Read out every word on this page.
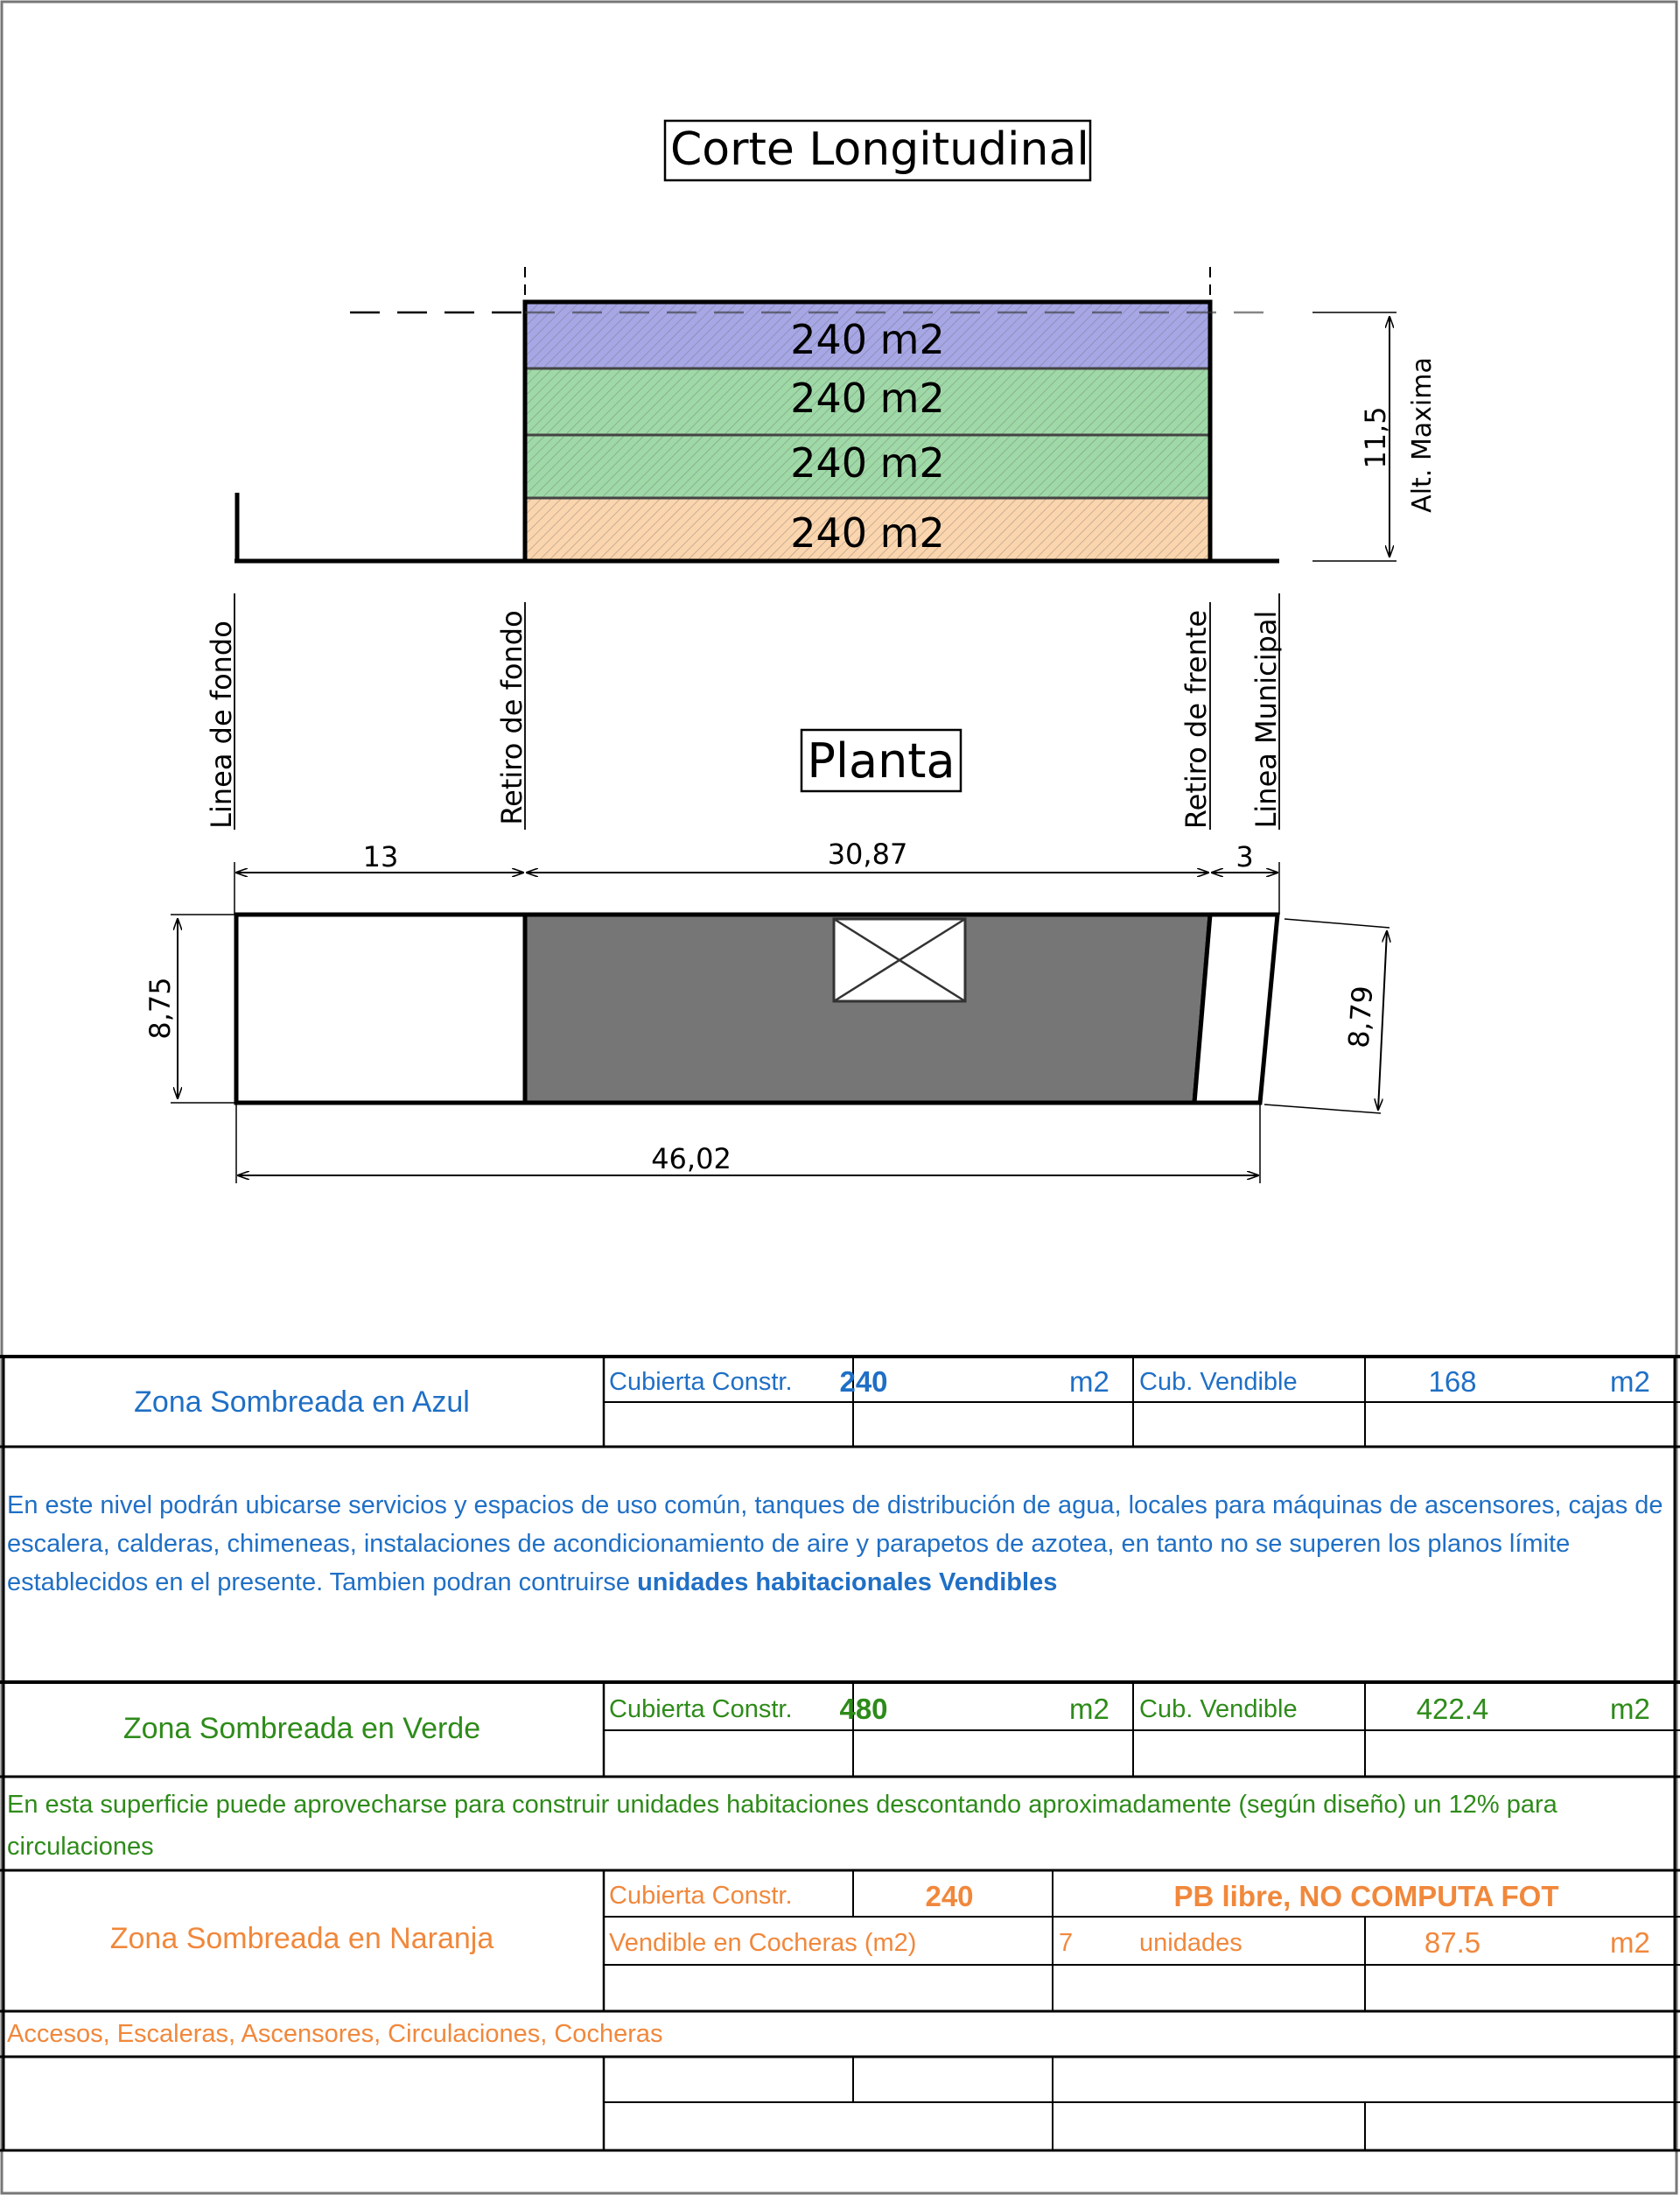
Corte Longitudinal
240 m2
240 m2
240 m2
240 m2
11,5 Alt. Maxima
Linea de fondo	Retiro de fondo	Retiro de frente Linea Municipal
Planta
13	30,87	3
8,75	8,79
46,02
Zona Sombreada en Azul
Cubierta Constr.	240	m2 Cub. Vendible	168	m2
En este nivel podrán ubicarse servicios y espacios de uso común, tanques de distribución de agua, locales para máquinas de ascensores, cajas de escalera, calderas, chimeneas, instalaciones de acondicionamiento de aire y parapetos de azotea, en tanto no se superen los planos límite establecidos en el presente. Tambien podran contruirse unidades habitacionales Vendibles
Zona Sombreada en Verde
Cubierta Constr.	480	m2 Cub. Vendible	422.4	m2
En esta superficie puede aprovecharse para construir unidades habitaciones descontando aproximadamente (según diseño) un 12% para circulaciones
Zona Sombreada en Naranja
Cubierta Constr.	240	PB libre, NO COMPUTA FOT
Vendible en Cocheras (m2)	7	unidades	87.5	m2
Accesos, Escaleras, Ascensores, Circulaciones, Cocheras
